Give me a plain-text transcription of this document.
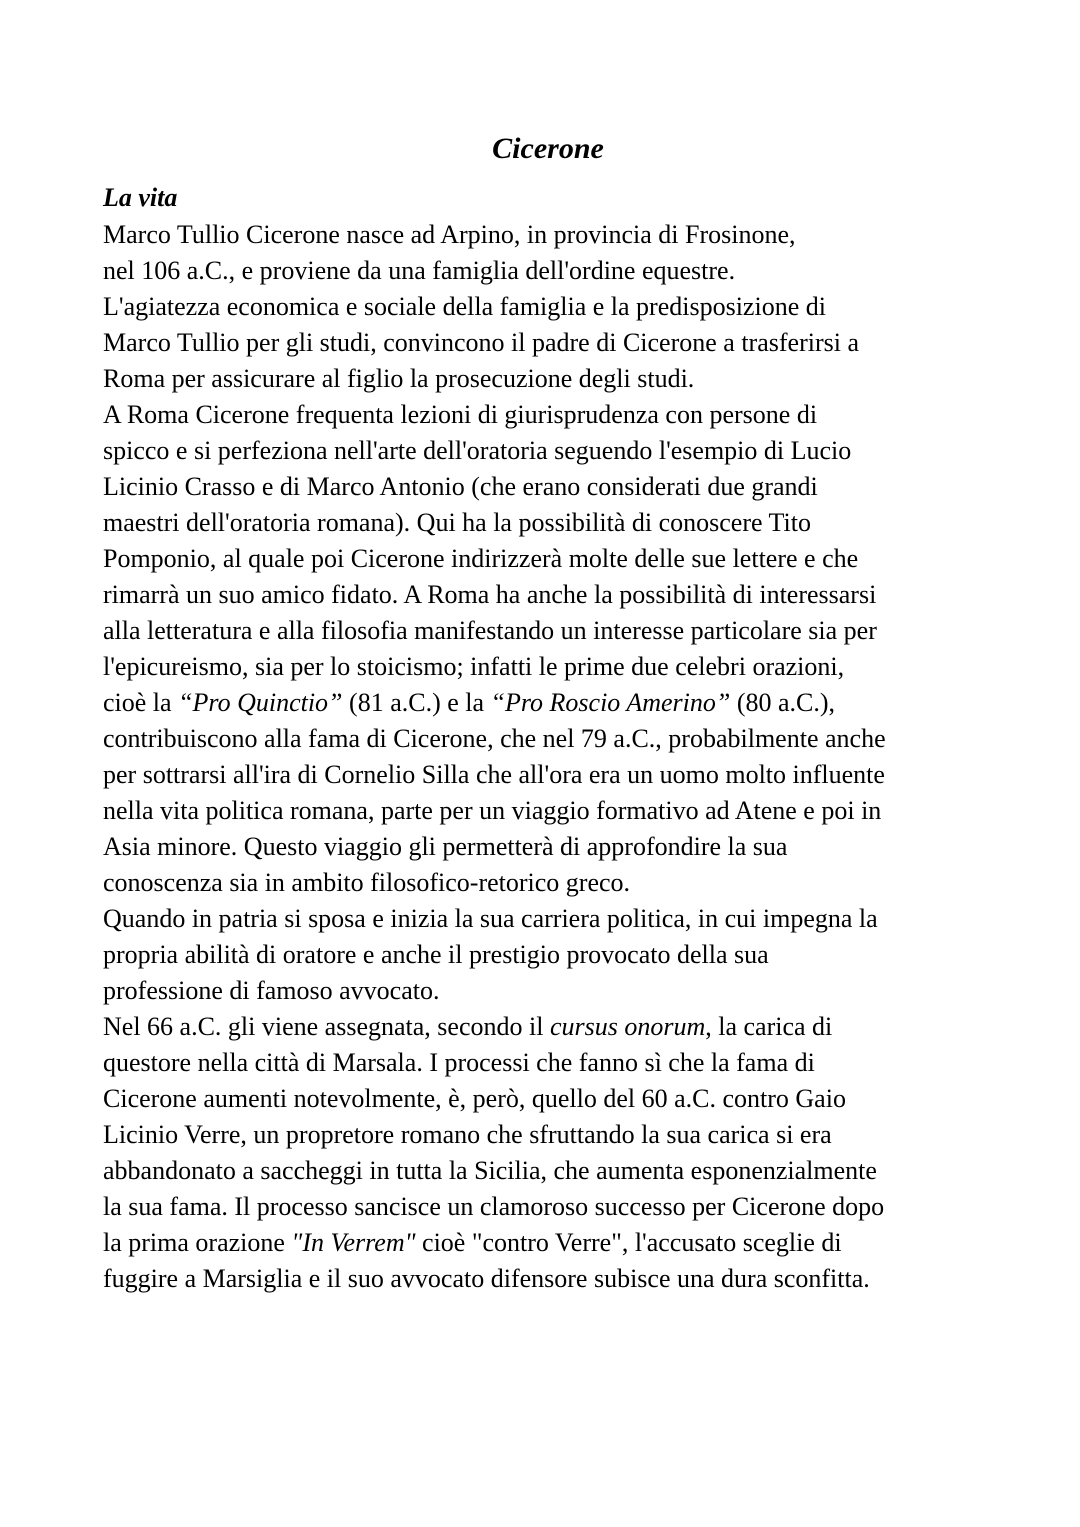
Cicerone
La vita

Marco Tullio Cicerone nasce ad Arpino, in provincia di Frosinone,
nel 106 a.C., e proviene da una famiglia dell'ordine equestre.
L'agiatezza economica e sociale della famiglia e la predisposizione di
Marco Tullio per gli studi, convincono il padre di Cicerone a trasferirsi a
Roma per assicurare al figlio la prosecuzione degli studi.

A Roma Cicerone frequenta lezioni di giurisprudenza con persone di
spicco e si perfeziona nell'arte dell'oratoria seguendo l'esempio di Lucio
Licinio Crasso e di Marco Antonio (che erano considerati due grandi
maestri dell'oratoria romana). Qui ha la possibilità di conoscere Tito
Pomponio, al quale poi Cicerone indirizzerà molte delle sue lettere e che
rimarrà un suo amico fidato. A Roma ha anche la possibilità di interessarsi
alla letteratura e alla filosofia manifestando un interesse particolare sia per
l'epicureismo, sia per lo stoicismo; infatti le prime due celebri orazioni,
cioè la “Pro Quinctio” (81 a.C.) e la “Pro Roscio Amerino” (80 a.C.),
contribuiscono alla fama di Cicerone, che nel 79 a.C., probabilmente anche
per sottrarsi all'ira di Cornelio Silla che all'ora era un uomo molto influente
nella vita politica romana, parte per un viaggio formativo ad Atene e poi in
Asia minore. Questo viaggio gli permetterà di approfondire la sua
conoscenza sia in ambito filosofico-retorico greco.

Quando in patria si sposa e inizia la sua carriera politica, in cui impegna la
propria abilità di oratore e anche il prestigio provocato della sua
professione di famoso avvocato.

Nel 66 a.C. gli viene assegnata, secondo il cursus onorum, la carica di
questore nella città di Marsala. I processi che fanno sì che la fama di
Cicerone aumenti notevolmente, è, però, quello del 60 a.C. contro Gaio
Licinio Verre, un propretore romano che sfruttando la sua carica si era
abbandonato a saccheggi in tutta la Sicilia, che aumenta esponenzialmente
la sua fama. Il processo sancisce un clamoroso successo per Cicerone dopo
la prima orazione "In Verrem" cioè "contro Verre", l'accusato sceglie di
fuggire a Marsiglia e il suo avvocato difensore subisce una dura sconfitta.
